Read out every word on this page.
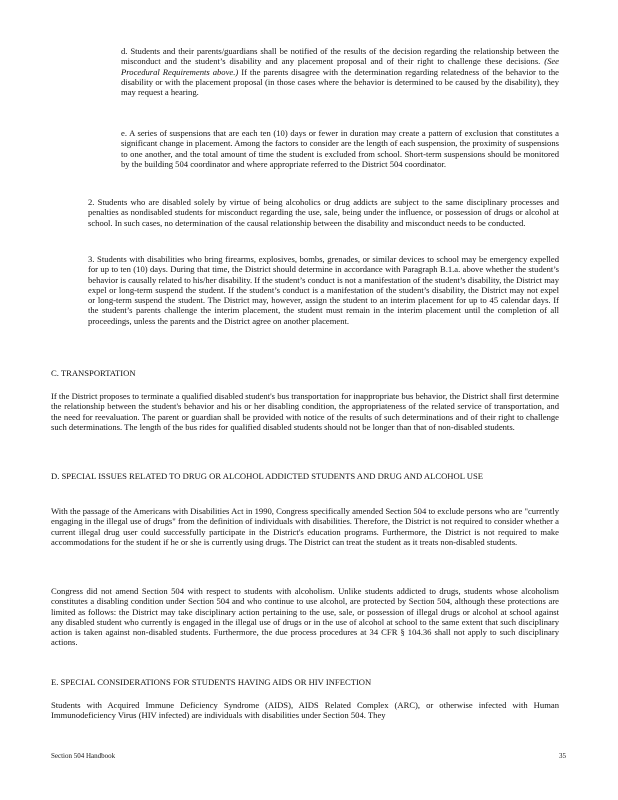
d. Students and their parents/guardians shall be notified of the results of the decision regarding the relationship between the misconduct and the student’s disability and any placement proposal and of their right to challenge these decisions. (See Procedural Requirements above.) If the parents disagree with the determination regarding relatedness of the behavior to the disability or with the placement proposal (in those cases where the behavior is determined to be caused by the disability), they may request a hearing.

e. A series of suspensions that are each ten (10) days or fewer in duration may create a pattern of exclusion that constitutes a significant change in placement. Among the factors to consider are the length of each suspension, the proximity of suspensions to one another, and the total amount of time the student is excluded from school. Short-term suspensions should be monitored by the building 504 coordinator and where appropriate referred to the District 504 coordinator.

2. Students who are disabled solely by virtue of being alcoholics or drug addicts are subject to the same disciplinary processes and penalties as nondisabled students for misconduct regarding the use, sale, being under the influence, or possession of drugs or alcohol at school. In such cases, no determination of the causal relationship between the disability and misconduct needs to be conducted.

3. Students with disabilities who bring firearms, explosives, bombs, grenades, or similar devices to school may be emergency expelled for up to ten (10) days. During that time, the District should determine in accordance with Paragraph B.1.a. above whether the student’s behavior is causally related to his/her disability. If the student’s conduct is not a manifestation of the student’s disability, the District may expel or long-term suspend the student. If the student’s conduct is a manifestation of the student’s disability, the District may not expel or long-term suspend the student. The District may, however, assign the student to an interim placement for up to 45 calendar days. If the student’s parents challenge the interim placement, the student must remain in the interim placement until the completion of all proceedings, unless the parents and the District agree on another placement.

C. TRANSPORTATION

If the District proposes to terminate a qualified disabled student's bus transportation for inappropriate bus behavior, the District shall first determine the relationship between the student's behavior and his or her disabling condition, the appropriateness of the related service of transportation, and the need for reevaluation. The parent or guardian shall be provided with notice of the results of such determinations and of their right to challenge such determinations. The length of the bus rides for qualified disabled students should not be longer than that of non-disabled students.

D. SPECIAL ISSUES RELATED TO DRUG OR ALCOHOL ADDICTED STUDENTS AND DRUG AND ALCOHOL USE

With the passage of the Americans with Disabilities Act in 1990, Congress specifically amended Section 504 to exclude persons who are "currently engaging in the illegal use of drugs" from the definition of individuals with disabilities. Therefore, the District is not required to consider whether a current illegal drug user could successfully participate in the District's education programs. Furthermore, the District is not required to make accommodations for the student if he or she is currently using drugs. The District can treat the student as it treats non-disabled students.

Congress did not amend Section 504 with respect to students with alcoholism. Unlike students addicted to drugs, students whose alcoholism constitutes a disabling condition under Section 504 and who continue to use alcohol, are protected by Section 504, although these protections are limited as follows: the District may take disciplinary action pertaining to the use, sale, or possession of illegal drugs or alcohol at school against any disabled student who currently is engaged in the illegal use of drugs or in the use of alcohol at school to the same extent that such disciplinary action is taken against non-disabled students. Furthermore, the due process procedures at 34 CFR § 104.36 shall not apply to such disciplinary actions.

E. SPECIAL CONSIDERATIONS FOR STUDENTS HAVING AIDS OR HIV INFECTION

Students with Acquired Immune Deficiency Syndrome (AIDS), AIDS Related Complex (ARC), or otherwise infected with Human Immunodeficiency Virus (HIV infected) are individuals with disabilities under Section 504. They

Section 504 Handbook	35
